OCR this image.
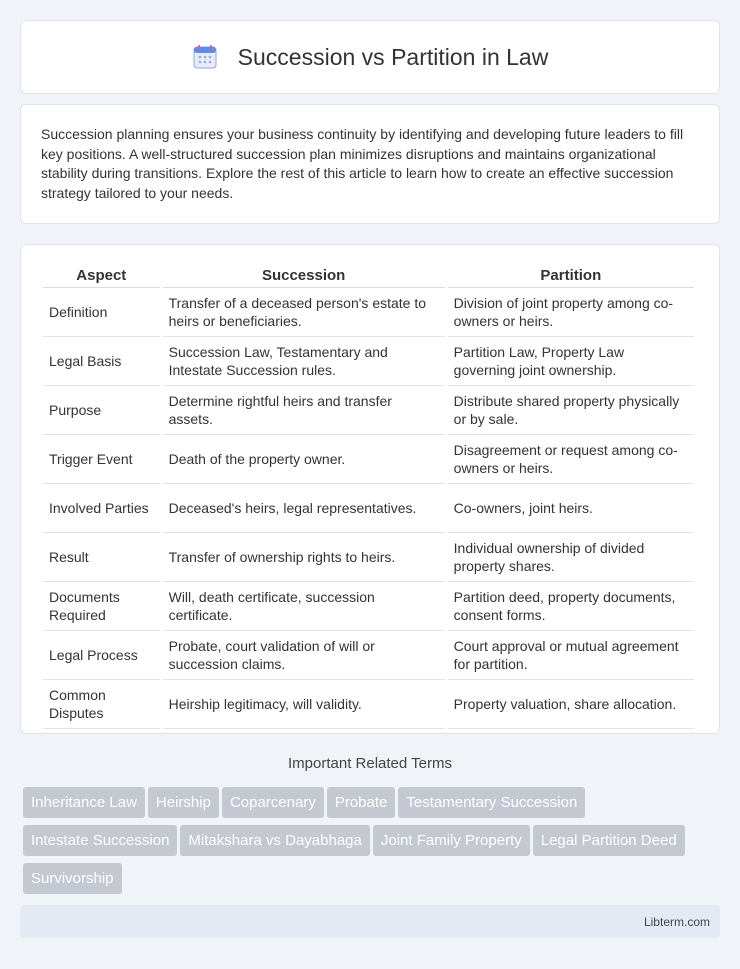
Succession vs Partition in Law

Succession planning ensures your business continuity by identifying and developing future leaders to fill key positions. A well-structured succession plan minimizes disruptions and maintains organizational stability during transitions. Explore the rest of this article to learn how to create an effective succession strategy tailored to your needs.

Aspect	Succession	Partition
Definition	Transfer of a deceased person's estate to heirs or beneficiaries.	Division of joint property among co-owners or heirs.
Legal Basis	Succession Law, Testamentary and Intestate Succession rules.	Partition Law, Property Law governing joint ownership.
Purpose	Determine rightful heirs and transfer assets.	Distribute shared property physically or by sale.
Trigger Event	Death of the property owner.	Disagreement or request among co-owners or heirs.
Involved Parties	Deceased's heirs, legal representatives.	Co-owners, joint heirs.
Result	Transfer of ownership rights to heirs.	Individual ownership of divided property shares.
Documents Required	Will, death certificate, succession certificate.	Partition deed, property documents, consent forms.
Legal Process	Probate, court validation of will or succession claims.	Court approval or mutual agreement for partition.
Common Disputes	Heirship legitimacy, will validity.	Property valuation, share allocation.
Important Related Terms
Inheritance Law Heirship Coparcenary Probate Testamentary SuccessionIntestate Succession Mitakshara vs Dayabhaga Joint Family Property Legal Partition DeedSurvivorship
Libterm.com
